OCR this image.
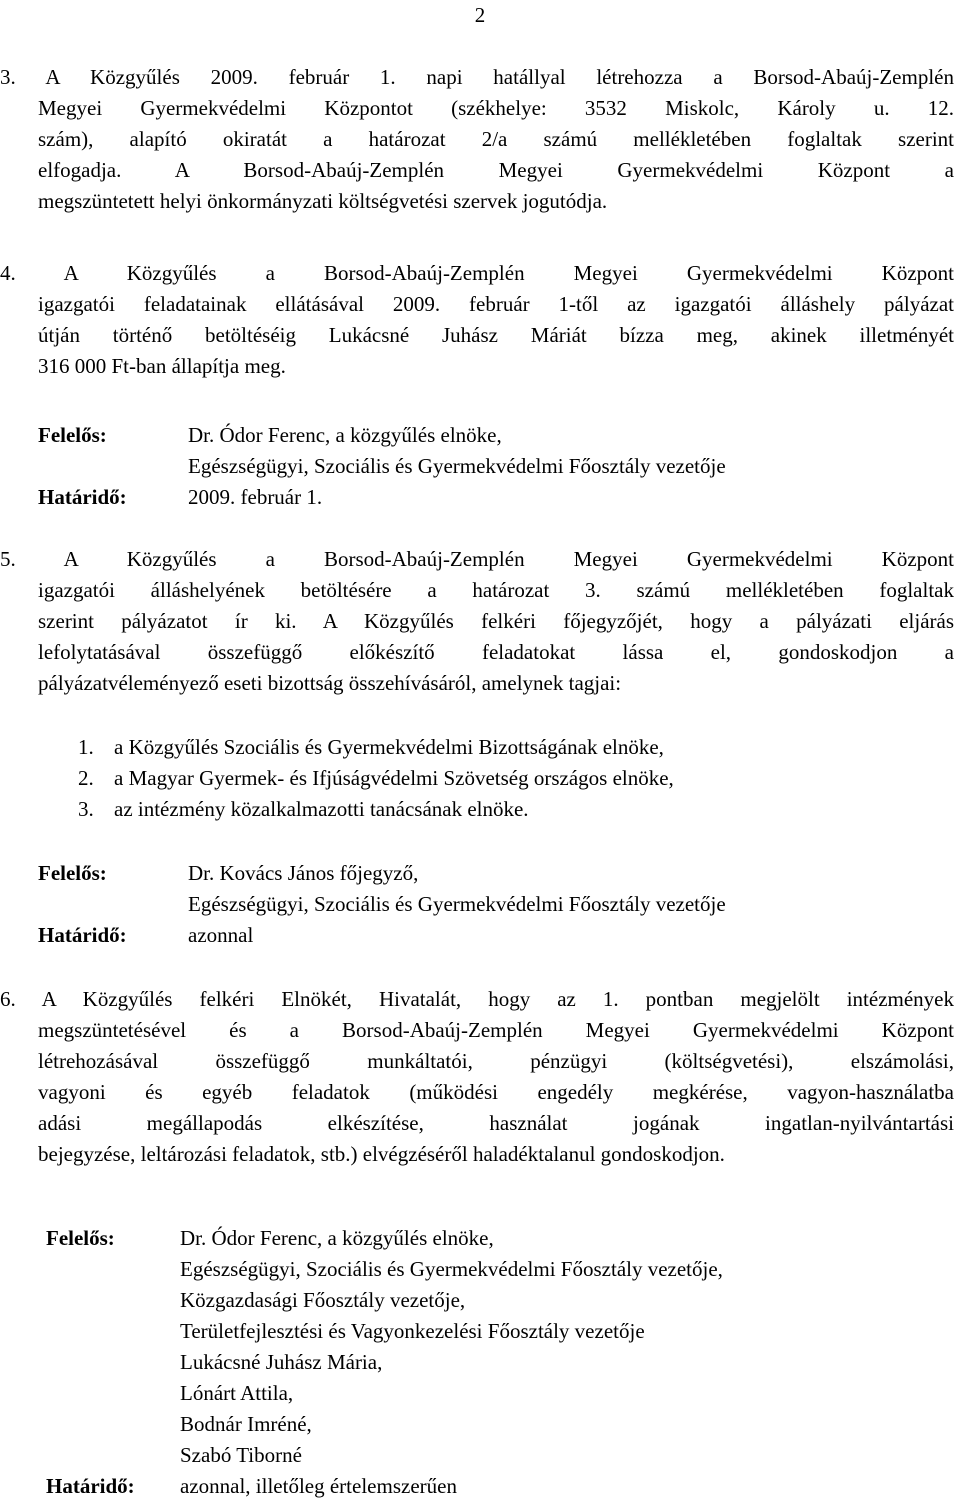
2
3. A Közgyűlés 2009. február 1. napi hatállyal létrehozza a Borsod-Abaúj-Zemplén
Megyei Gyermekvédelmi Központot (székhelye: 3532 Miskolc, Károly u. 12.
szám), alapító okiratát a határozat 2/a számú mellékletében foglaltak szerint
elfogadja. A Borsod-Abaúj-Zemplén Megyei Gyermekvédelmi Központ a
megszüntetett helyi önkormányzati költségvetési szervek jogutódja.
4. A Közgyűlés a Borsod-Abaúj-Zemplén Megyei Gyermekvédelmi Központ
igazgatói feladatainak ellátásával 2009. február 1-től az igazgatói álláshely pályázat
útján történő betöltéséig Lukácsné Juhász Máriát bízza meg, akinek illetményét
316 000 Ft-ban állapítja meg.
Felelős:	Dr. Ódor Ferenc, a közgyűlés elnöke,
Egészségügyi, Szociális és Gyermekvédelmi Főosztály vezetője
Határidő:	2009. február 1.
5. A Közgyűlés a Borsod-Abaúj-Zemplén Megyei Gyermekvédelmi Központ
igazgatói álláshelyének betöltésére a határozat 3. számú mellékletében foglaltak
szerint pályázatot ír ki. A Közgyűlés felkéri főjegyzőjét, hogy a pályázati eljárás
lefolytatásával összefüggő előkészítő feladatokat lássa el, gondoskodjon a
pályázatvéleményező eseti bizottság összehívásáról, amelynek tagjai:
1. a Közgyűlés Szociális és Gyermekvédelmi Bizottságának elnöke,
2. a Magyar Gyermek- és Ifjúságvédelmi Szövetség országos elnöke,
3. az intézmény közalkalmazotti tanácsának elnöke.
Felelős:	Dr. Kovács János főjegyző,
Egészségügyi, Szociális és Gyermekvédelmi Főosztály vezetője
Határidő:	azonnal
6. A Közgyűlés felkéri Elnökét, Hivatalát, hogy az 1. pontban megjelölt intézmények
megszüntetésével és a Borsod-Abaúj-Zemplén Megyei Gyermekvédelmi Központ
létrehozásával összefüggő munkáltatói, pénzügyi (költségvetési), elszámolási,
vagyoni és egyéb feladatok (működési engedély megkérése, vagyon-használatba
adási megállapodás elkészítése, használat jogának ingatlan-nyilvántartási
bejegyzése, leltározási feladatok, stb.) elvégzéséről haladéktalanul gondoskodjon.
Felelős:	Dr. Ódor Ferenc, a közgyűlés elnöke,
Egészségügyi, Szociális és Gyermekvédelmi Főosztály vezetője,
Közgazdasági Főosztály vezetője,
Területfejlesztési és Vagyonkezelési Főosztály vezetője
Lukácsné Juhász Mária,
Lónárt Attila,
Bodnár Imréné,
Szabó Tiborné
Határidő: azonnal, illetőleg értelemszerűen
